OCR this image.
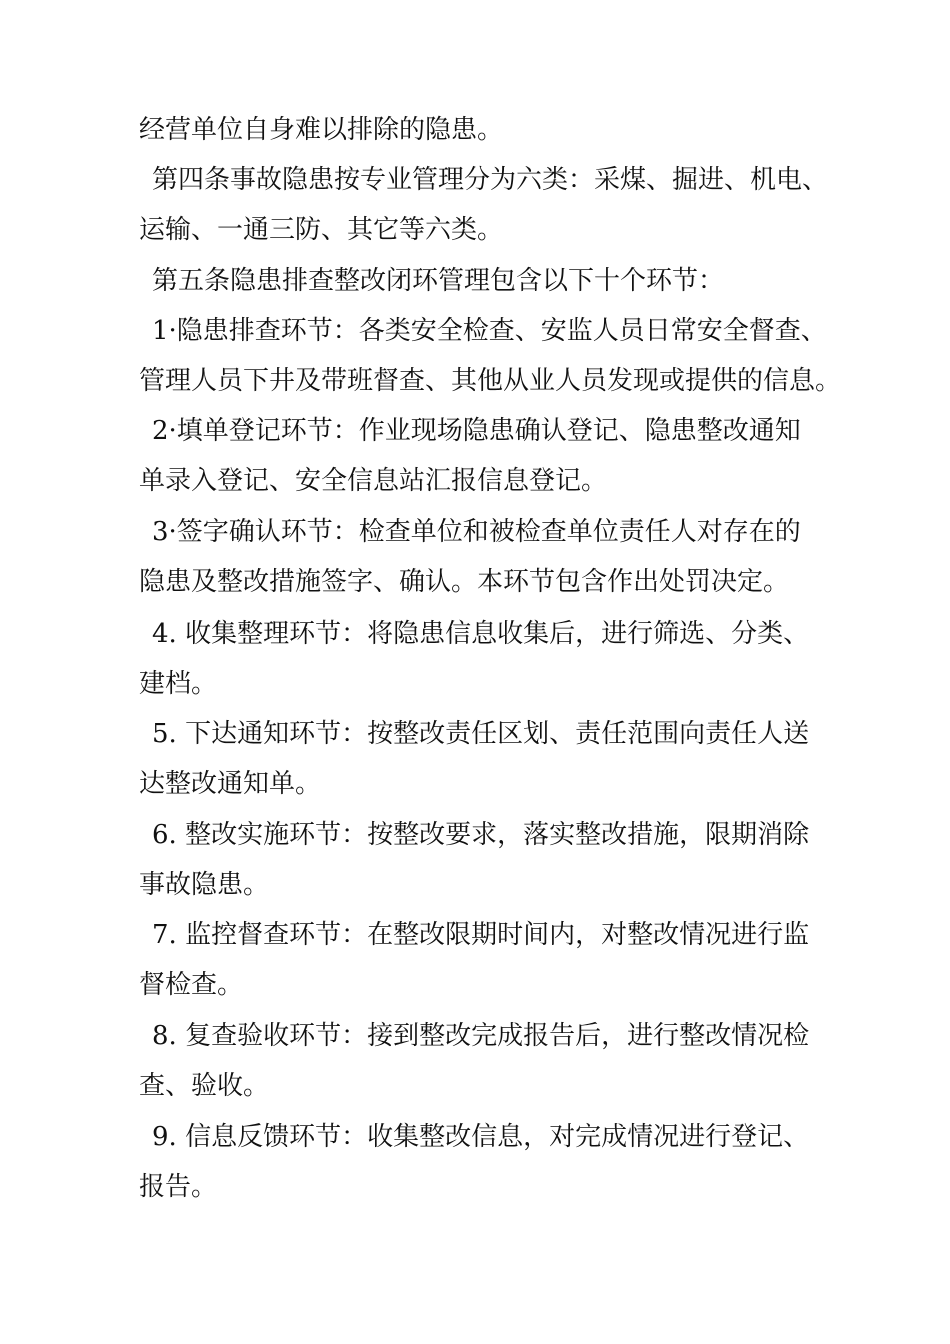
经营单位自身难以排除的隐患。
第四条事故隐患按专业管理分为六类：采煤、掘进、机电、
运输、一通三防、其它等六类。
第五条隐患排查整改闭环管理包含以下十个环节：
1·隐患排查环节：各类安全检查、安监人员日常安全督查、
管理人员下井及带班督查、其他从业人员发现或提供的信息。
2·填单登记环节：作业现场隐患确认登记、隐患整改通知
单录入登记、安全信息站汇报信息登记。
3·签字确认环节：检查单位和被检查单位责任人对存在的
隐患及整改措施签字、确认。本环节包含作出处罚决定。
4. 收集整理环节：将隐患信息收集后，进行筛选、分类、
建档。
5. 下达通知环节：按整改责任区划、责任范围向责任人送
达整改通知单。
6. 整改实施环节：按整改要求，落实整改措施，限期消除
事故隐患。
7. 监控督查环节：在整改限期时间内，对整改情况进行监
督检查。
8. 复查验收环节：接到整改完成报告后，进行整改情况检
查、验收。
9. 信息反馈环节：收集整改信息，对完成情况进行登记、
报告。
